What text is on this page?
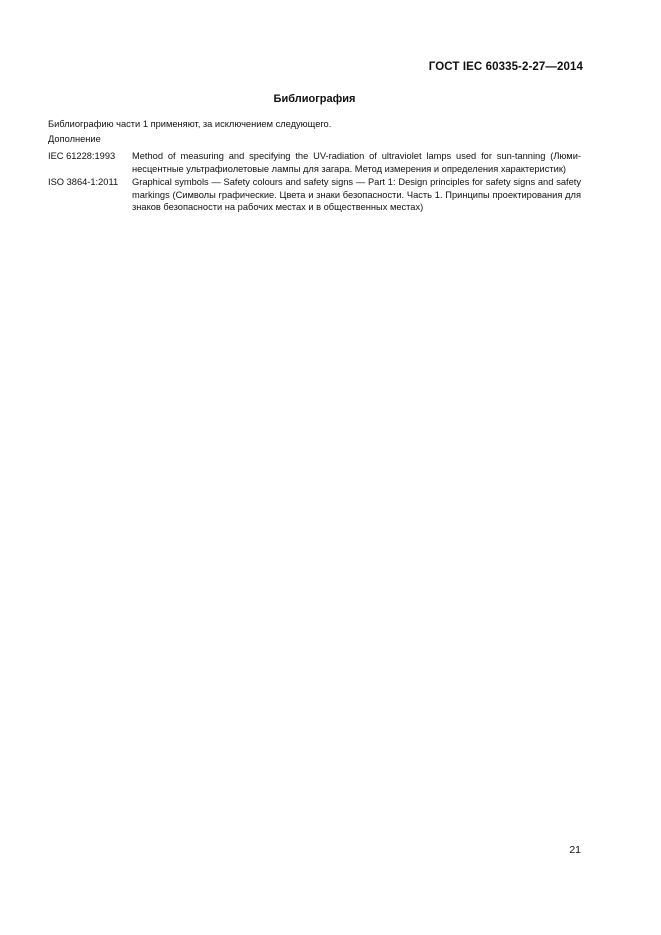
ГОСТ IEC 60335-2-27—2014
Библиография
Библиографию части 1 применяют, за исключением следующего.
Дополнение
IEC 61228:1993	Method of measuring and specifying the UV-radiation of ultraviolet lamps used for sun-tanning (Люминесцентные ультрафиолетовые лампы для загара. Метод измерения и определения характеристик)
ISO 3864-1:2011	Graphical symbols — Safety colours and safety signs — Part 1: Design principles for safety signs and safety markings (Символы графические. Цвета и знаки безопасности. Часть 1. Принципы проектирования для знаков безопасности на рабочих местах и в общественных местах)
21
